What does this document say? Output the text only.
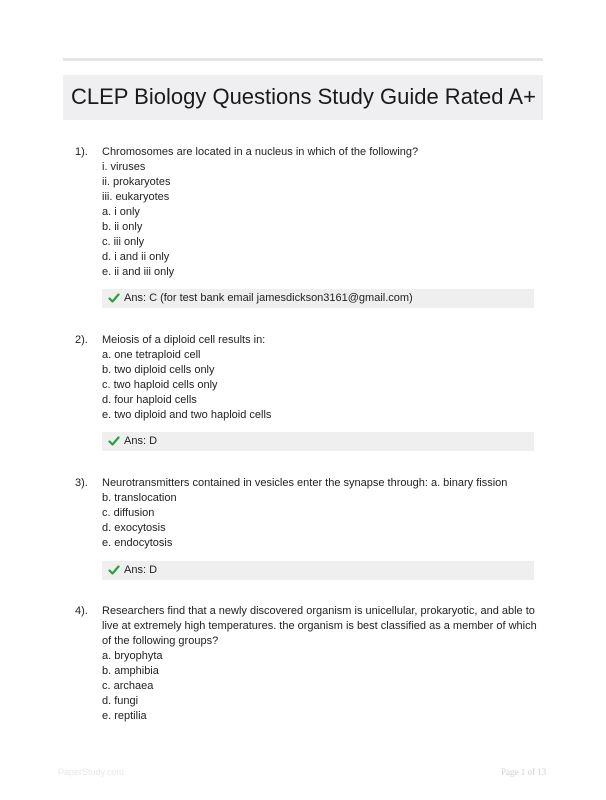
CLEP Biology Questions Study Guide Rated A+
1). Chromosomes are located in a nucleus in which of the following?
i. viruses
ii. prokaryotes
iii. eukaryotes
a. i only
b. ii only
c. iii only
d. i and ii only
e. ii and iii only
Ans: C (for test bank email jamesdickson3161@gmail.com)
2). Meiosis of a diploid cell results in:
a. one tetraploid cell
b. two diploid cells only
c. two haploid cells only
d. four haploid cells
e. two diploid and two haploid cells
Ans: D
3). Neurotransmitters contained in vesicles enter the synapse through: a. binary fission
b. translocation
c. diffusion
d. exocytosis
e. endocytosis
Ans: D
4). Researchers find that a newly discovered organism is unicellular, prokaryotic, and able to
live at extremely high temperatures. the organism is best classified as a member of which
of the following groups?
a. bryophyta
b. amphibia
c. archaea
d. fungi
e. reptilia
PaperStudy.com	Page 1 of 13
